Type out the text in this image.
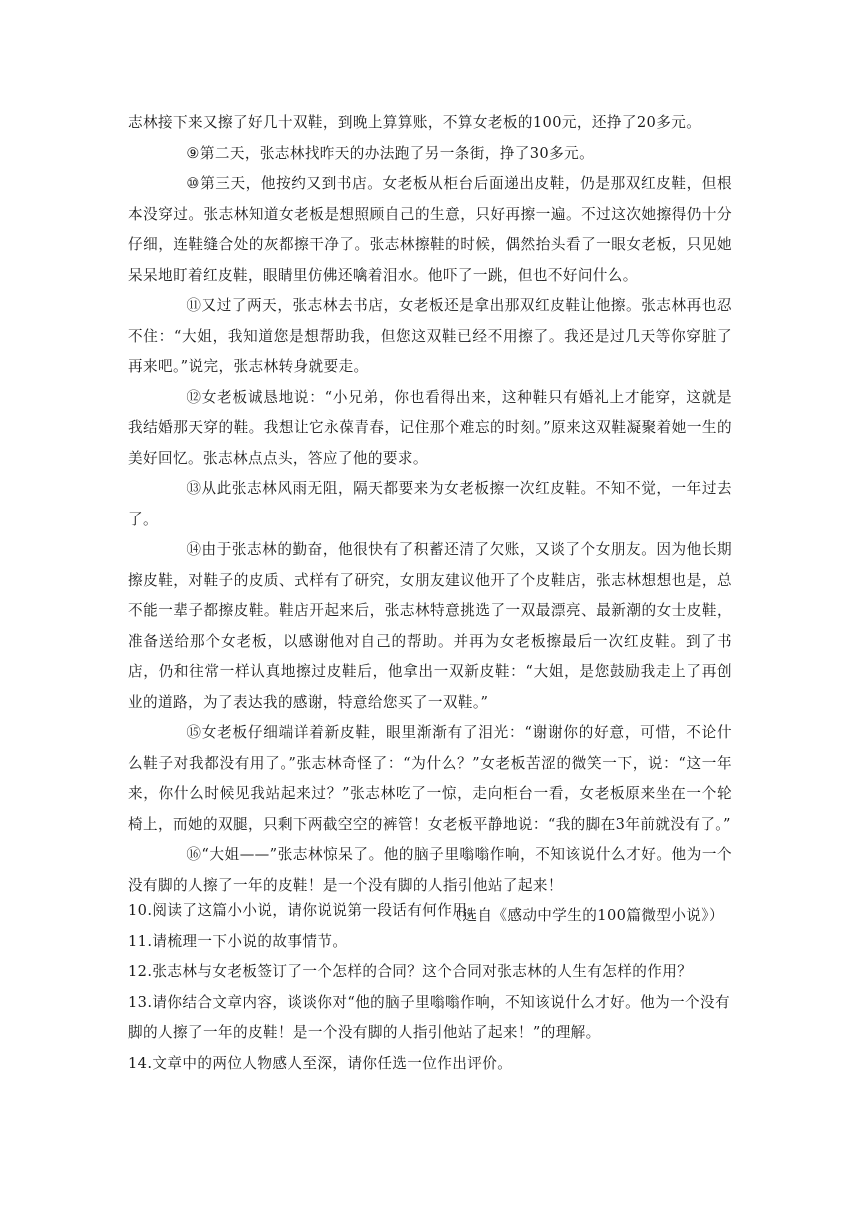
志林接下来又擦了好几十双鞋，到晚上算算账，不算女老板的100元，还挣了20多元。

⑨第二天，张志林找昨天的办法跑了另一条街，挣了30多元。

⑩第三天，他按约又到书店。女老板从柜台后面递出皮鞋，仍是那双红皮鞋，但根本没穿过。张志林知道女老板是想照顾自己的生意，只好再擦一遍。不过这次她擦得仍十分仔细，连鞋缝合处的灰都擦干净了。张志林擦鞋的时候，偶然抬头看了一眼女老板，只见她呆呆地盯着红皮鞋，眼睛里仿佛还噙着泪水。他吓了一跳，但也不好问什么。

⑪又过了两天，张志林去书店，女老板还是拿出那双红皮鞋让他擦。张志林再也忍不住：“大姐，我知道您是想帮助我，但您这双鞋已经不用擦了。我还是过几天等你穿脏了再来吧。”说完，张志林转身就要走。

⑫女老板诚恳地说：“小兄弟，你也看得出来，这种鞋只有婚礼上才能穿，这就是我结婚那天穿的鞋。我想让它永葆青春，记住那个难忘的时刻。”原来这双鞋凝聚着她一生的美好回忆。张志林点点头，答应了他的要求。

⑬从此张志林风雨无阻，隔天都要来为女老板擦一次红皮鞋。不知不觉，一年过去了。

⑭由于张志林的勤奋，他很快有了积蓄还清了欠账，又谈了个女朋友。因为他长期擦皮鞋，对鞋子的皮质、式样有了研究，女朋友建议他开了个皮鞋店，张志林想想也是，总不能一辈子都擦皮鞋。鞋店开起来后，张志林特意挑选了一双最漂亮、最新潮的女士皮鞋，准备送给那个女老板，以感谢他对自己的帮助。并再为女老板擦最后一次红皮鞋。到了书店，仍和往常一样认真地擦过皮鞋后，他拿出一双新皮鞋：“大姐，是您鼓励我走上了再创业的道路，为了表达我的感谢，特意给您买了一双鞋。”

⑮女老板仔细端详着新皮鞋，眼里渐渐有了泪光：“谢谢你的好意，可惜，不论什么鞋子对我都没有用了。”张志林奇怪了：“为什么？”女老板苦涩的微笑一下，说：“这一年来，你什么时候见我站起来过？”张志林吃了一惊，走向柜台一看，女老板原来坐在一个轮椅上，而她的双腿，只剩下两截空空的裤管！女老板平静地说：“我的脚在3年前就没有了。”

⑯“大姐——”张志林惊呆了。他的脑子里嗡嗡作响，不知该说什么才好。他为一个没有脚的人擦了一年的皮鞋！是一个没有脚的人指引他站了起来！

（选自《感动中学生的100篇微型小说》）

10.阅读了这篇小小说，请你说说第一段话有何作用。

11.请梳理一下小说的故事情节。

12.张志林与女老板签订了一个怎样的合同？这个合同对张志林的人生有怎样的作用？

13.请你结合文章内容，谈谈你对“他的脑子里嗡嗡作响，不知该说什么才好。他为一个没有脚的人擦了一年的皮鞋！是一个没有脚的人指引他站了起来！”的理解。

14.文章中的两位人物感人至深，请你任选一位作出评价。
